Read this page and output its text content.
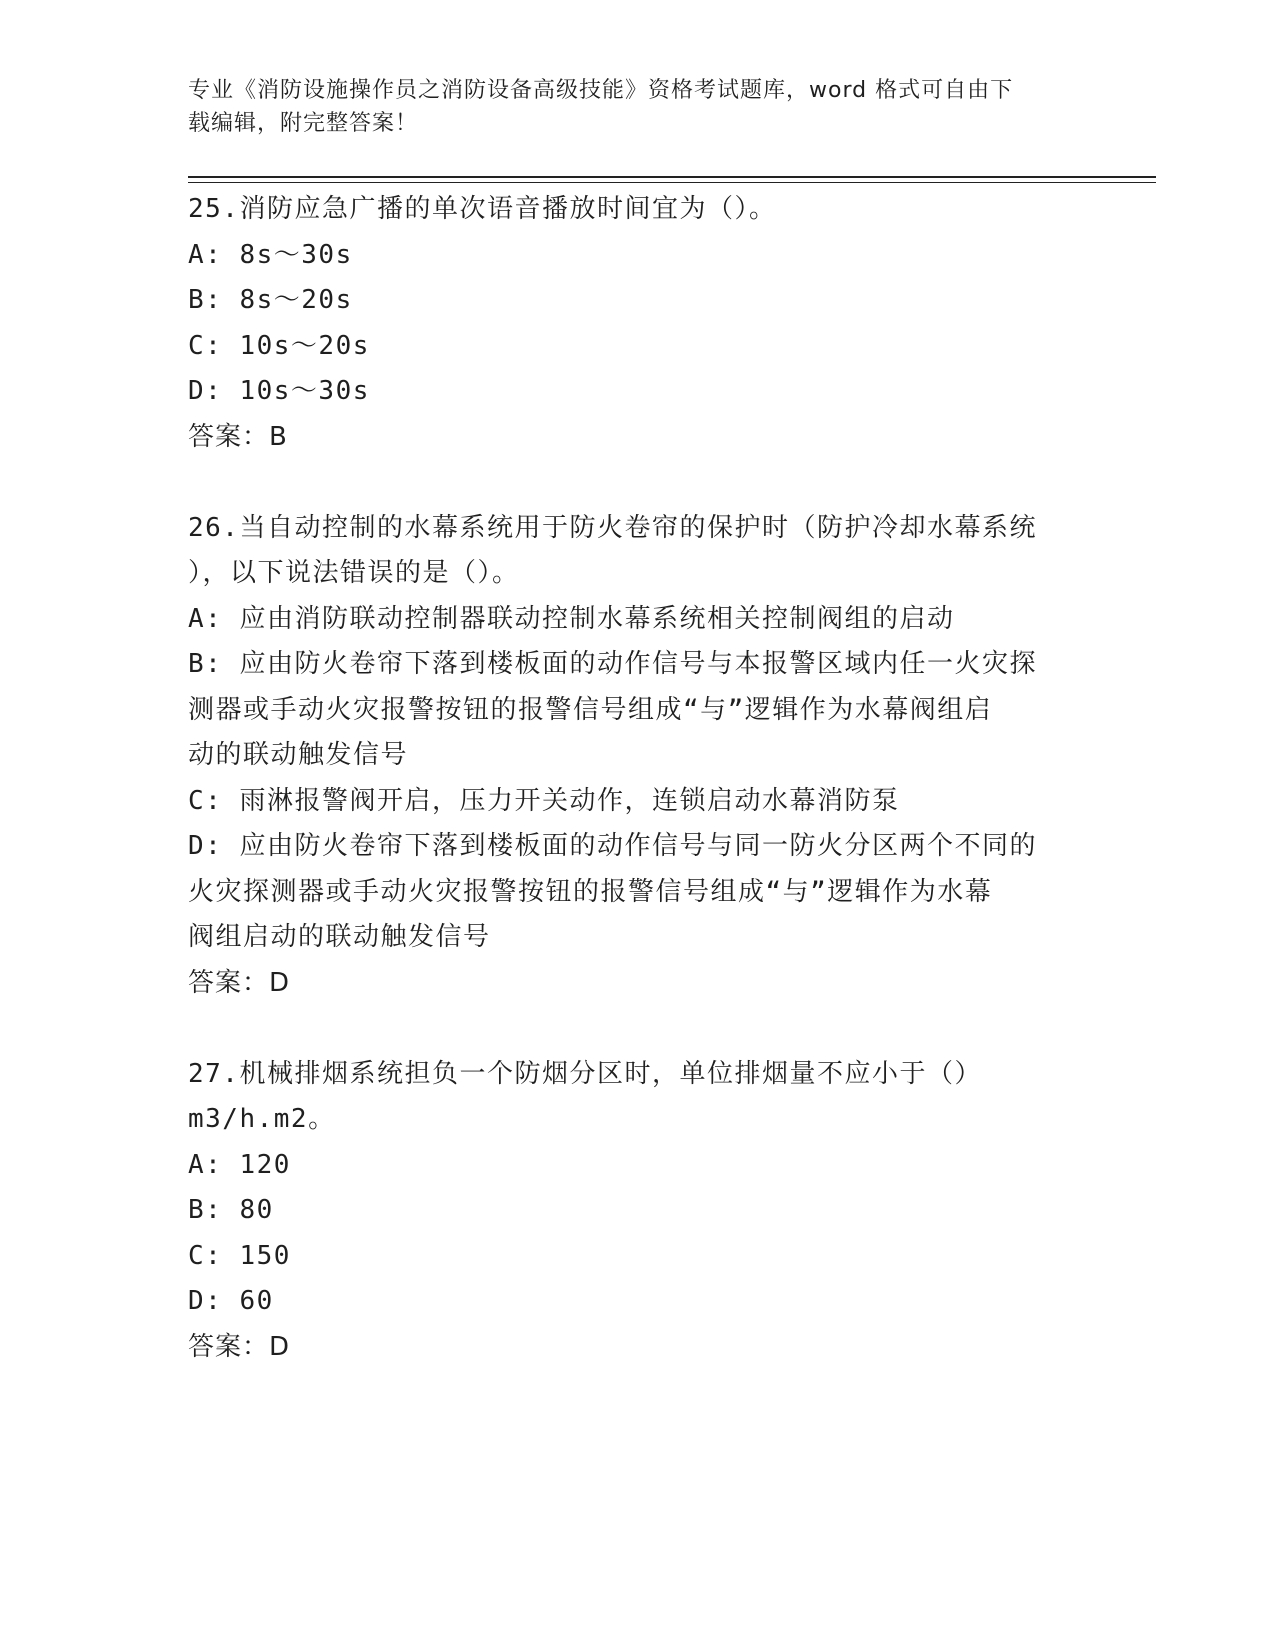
专业《消防设施操作员之消防设备高级技能》资格考试题库，word 格式可自由下
载编辑，附完整答案！

25.消防应急广播的单次语音播放时间宜为（）。

A: 8s～30s

B: 8s～20s

C: 10s～20s

D: 10s～30s

答案：B

26.当自动控制的水幕系统用于防火卷帘的保护时（防护冷却水幕系统

），以下说法错误的是（）。

A: 应由消防联动控制器联动控制水幕系统相关控制阀组的启动

B: 应由防火卷帘下落到楼板面的动作信号与本报警区域内任一火灾探

测器或手动火灾报警按钮的报警信号组成“与”逻辑作为水幕阀组启

动的联动触发信号

C: 雨淋报警阀开启，压力开关动作，连锁启动水幕消防泵

D: 应由防火卷帘下落到楼板面的动作信号与同一防火分区两个不同的

火灾探测器或手动火灾报警按钮的报警信号组成“与”逻辑作为水幕

阀组启动的联动触发信号

答案：D

27.机械排烟系统担负一个防烟分区时，单位排烟量不应小于（）

m3/h.m2。

A: 120

B: 80

C: 150

D: 60

答案：D
